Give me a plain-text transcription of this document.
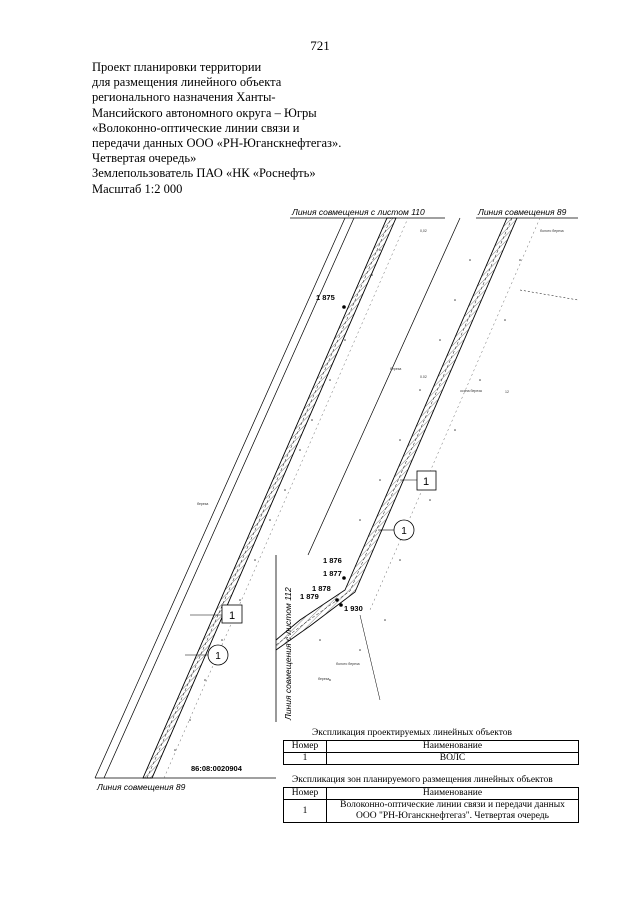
721
Проект планировки территории
для размещения линейного объекта
регионального назначения Ханты-
Мансийского автономного округа – Югры
«Волоконно-оптические линии связи и
передачи данных ООО «РН-Юганскнефтегаз».
Четвертая очередь»
Землепользователь ПАО «НК «Роснефть»
Масштаб 1:2 000
0,02	болото береза
береза
береза
0.02
осина береза	12
береза
болото береза
Линия совмещения с листом 110	Линия совмещения 89
Линия совмещения с листом 112
Линия совмещения 89
86:08:0020904
1 875
1 876
1 877
1 878
1 879
1 930
1
1
1
1
Экспликация проектируемых линейных объектов
Номер	Наименование
1	ВОЛС
Экспликация зон планируемого размещения линейных объектов
Номер	Наименование
1	Волоконно-оптические линии связи и передачи данных ООО "РН-Юганскнефтегаз". Четвертая очередь
